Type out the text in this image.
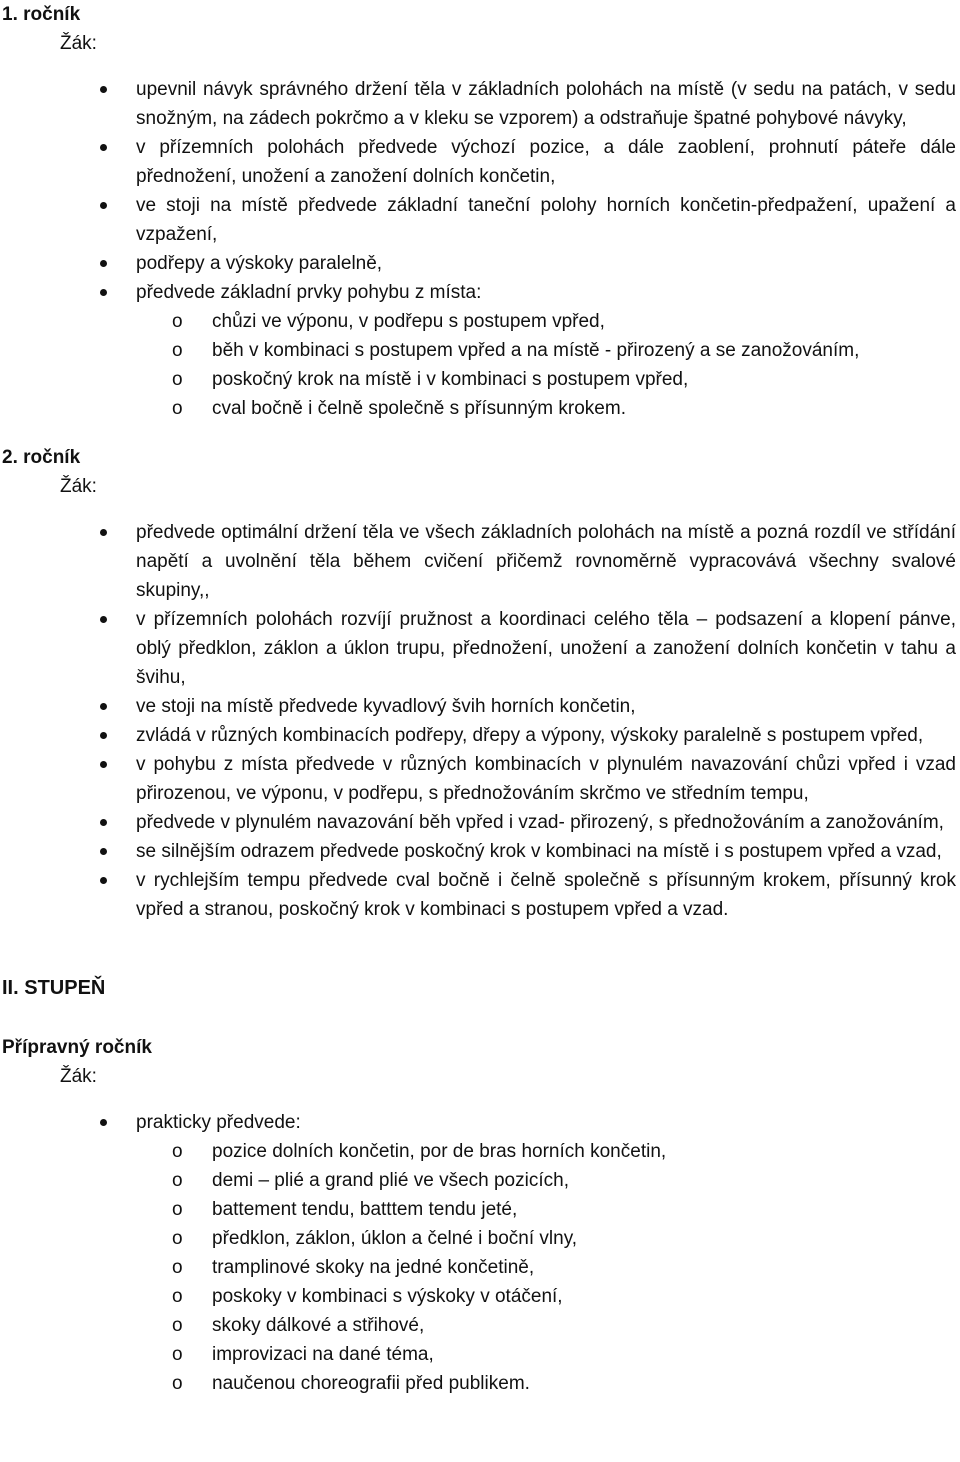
1. ročník

Žák:

upevnil návyk správného držení těla v základních polohách na místě (v sedu na patách, v sedu snožným, na zádech pokrčmo a v kleku se vzporem) a odstraňuje špatné pohybové návyky,
v přízemních polohách předvede výchozí pozice, a dále zaoblení, prohnutí páteře dále přednožení, unožení a zanožení dolních končetin,
ve stoji na místě předvede základní taneční polohy horních končetin-předpažení, upažení a vzpažení,
podřepy a výskoky paralelně,
předvede základní prvky pohybu z místa:
o chůzi ve výponu, v podřepu s postupem vpřed,
o běh v kombinaci s postupem vpřed a na místě - přirozený a se zanožováním,
o poskočný krok na místě i v kombinaci s postupem vpřed,
o cval bočně i čelně společně s přísunným krokem.

2. ročník

Žák:

předvede optimální držení těla ve všech základních polohách na místě a pozná rozdíl ve střídání napětí a uvolnění těla během cvičení přičemž rovnoměrně vypracovává všechny svalové skupiny,,
v přízemních polohách rozvíjí pružnost a koordinaci celého těla – podsazení a klopení pánve, oblý předklon, záklon a úklon trupu, přednožení, unožení a zanožení dolních končetin v tahu a švihu,
ve stoji na místě předvede kyvadlový švih horních končetin,
zvládá v různých kombinacích podřepy, dřepy a výpony, výskoky paralelně s postupem vpřed,
v pohybu z místa předvede v různých kombinacích v plynulém navazování chůzi vpřed i vzad přirozenou, ve výponu, v podřepu, s přednožováním skrčmo ve středním tempu,
předvede v plynulém navazování běh vpřed i vzad- přirozený, s přednožováním a zanožováním,
se silnějším odrazem předvede poskočný krok v kombinaci na místě i s postupem vpřed a vzad,
v rychlejším tempu předvede cval bočně i čelně společně s přísunným krokem, přísunný krok vpřed a stranou, poskočný krok v kombinaci s postupem vpřed a vzad.

II. STUPEŇ

Přípravný ročník

Žák:

prakticky předvede:
o pozice dolních končetin, por de bras horních končetin,
o demi – plié a grand plié ve všech pozicích,
o battement tendu, batttem tendu jeté,
o předklon, záklon, úklon a čelné i boční vlny,
o tramplinové skoky na jedné končetině,
o poskoky v kombinaci s výskoky v otáčení,
o skoky dálkové a střihové,
o improvizaci na dané téma,
o naučenou choreografii před publikem.
